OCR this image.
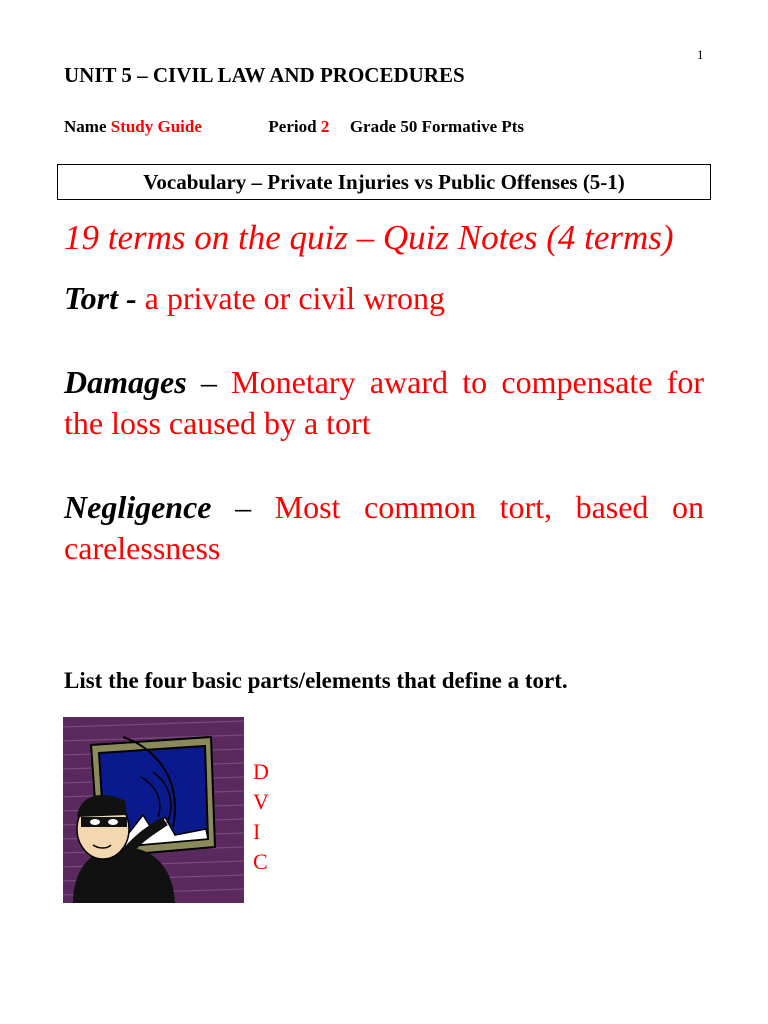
1
UNIT 5 – CIVIL LAW AND PROCEDURES
Name Study Guide	Period 2 Grade 50 Formative Pts
Vocabulary – Private Injuries vs Public Offenses (5-1)
19 terms on the quiz – Quiz Notes (4 terms)
Tort - a private or civil wrong
Damages – Monetary award to compensate for the loss caused by a tort
Negligence – Most common tort, based on carelessness
List the four basic parts/elements that define a tort.
D
V
I
C
